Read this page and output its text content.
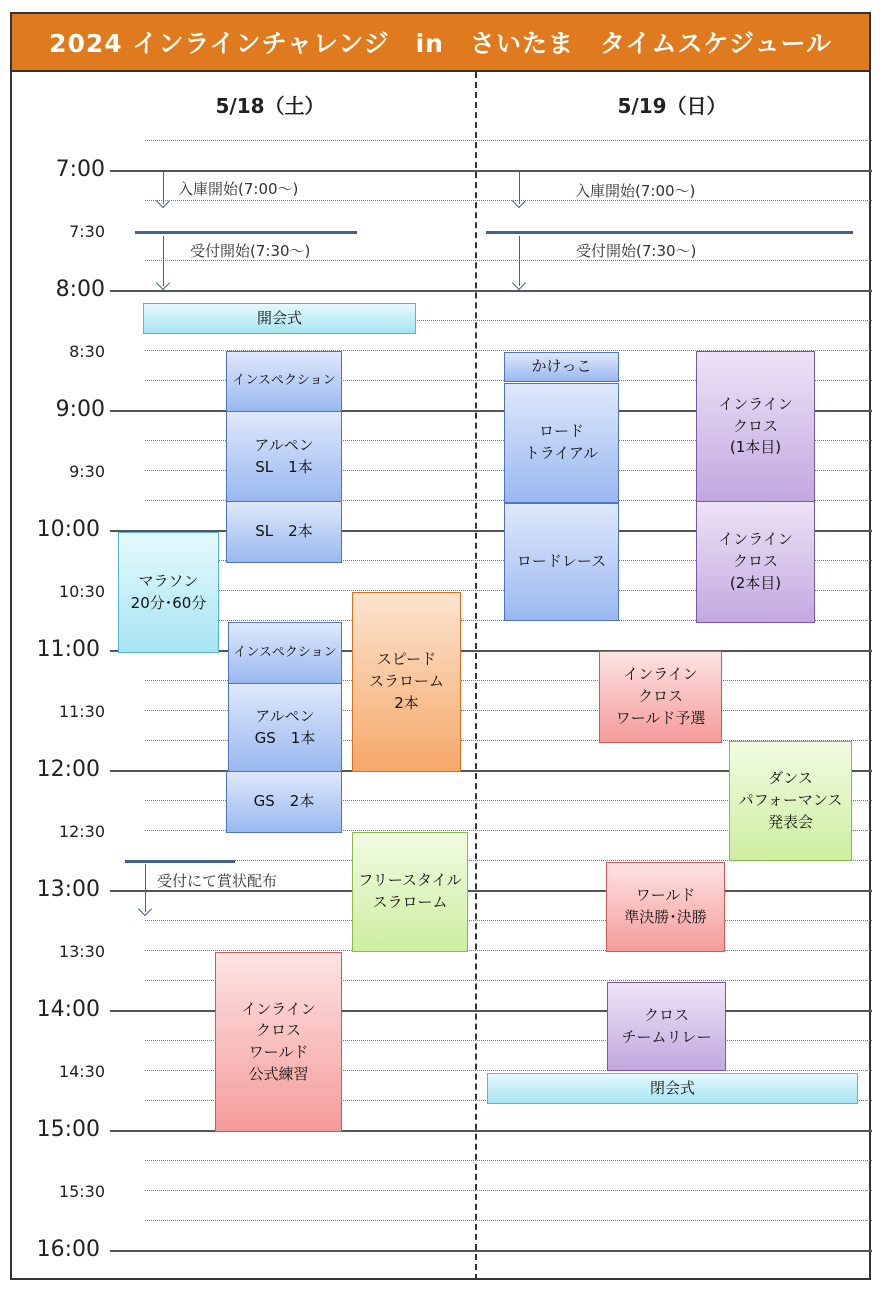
2024 インラインチャレンジ　in　さいたま　タイムスケジュール
5/18（土）	5/19（日）
7:00
7:30
8:00
8:30
9:00
9:30
10:00
10:30
11:00
11:30
12:00
12:30
13:00
13:30
14:00
14:30
15:00
15:30
16:00
入庫開始(7:00～)
受付開始(7:30～)
開会式
インスペクション
アルペン
SL　1本
SL　2本
マラソン
20分･60分
インスペクション
アルペン
GS　1本
GS　2本
スピード
スラローム
2本
受付にて賞状配布	フリースタイル
スラローム
インライン
クロス
ワールド
公式練習
入庫開始(7:00～)
受付開始(7:30～)
かけっこ
ロード
トライアル
ロードレース
インライン
クロス
(1本目)
インライン
クロス
(2本目)
インライン
クロス
ワールド予選
ダンス
パフォーマンス
発表会
ワールド
準決勝･決勝
クロス
チームリレー
閉会式
